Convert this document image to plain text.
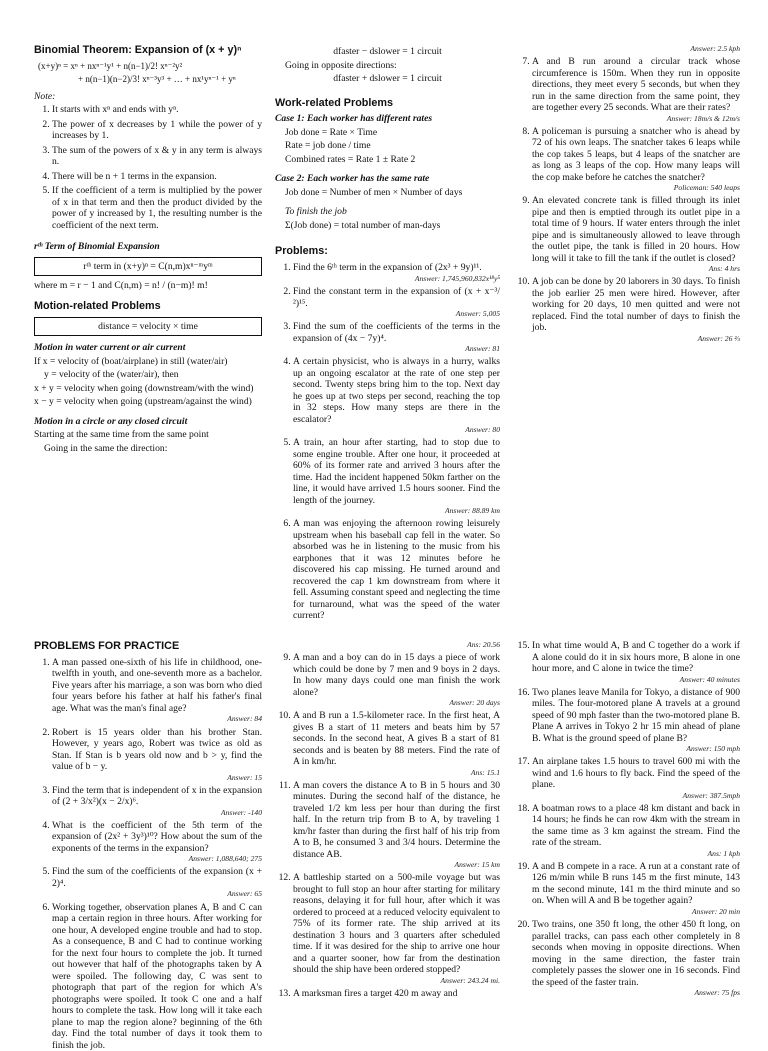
Binomial Theorem: Expansion of (x + y)ⁿ
(x+y)ⁿ = xⁿ + nxⁿ⁻¹y¹ + n(n−1)/2! xⁿ⁻²y²
+ n(n−1)(n−2)/3! xⁿ⁻³y³ + … + nx¹yⁿ⁻¹ + yⁿ
Note:
1. It starts with xⁿ and ends with yⁿ.
2. The power of x decreases by 1 while the power of y increases by 1.
3. The sum of the powers of x & y in any term is always n.
4. There will be n + 1 terms in the expansion.
5. If the coefficient of a term is multiplied by the power of x in that term and then the product divided by the power of y increased by 1, the resulting number is the coefficient of the next term.
rᵗʰ Term of Binomial Expansion
rᵗʰ term in (x+y)ⁿ = C(n,m)xⁿ⁻ᵐyᵐ

where m = r − 1 and C(n,m) = n! / (n−m)! m!

Motion-related Problems
distance = velocity × time
Motion in water current or air current

If x = velocity of (boat/airplane) in still (water/air)

y = velocity of the (water/air), then

x + y = velocity when going (downstream/with the wind)

x − y = velocity when going (upstream/against the wind)

Motion in a circle or any closed circuit

Starting at the same time from the same point

Going in the same the direction:

dfaster − dslower = 1 circuit

Going in opposite directions:

dfaster + dslower = 1 circuit

Work-related Problems
Case 1: Each worker has different rates

Job done = Rate × Time

Rate = job done / time

Combined rates = Rate 1 ± Rate 2

Case 2: Each worker has the same rate

Job done = Number of men × Number of days

To finish the job

Σ(Job done) = total number of man-days

Problems:
1. Find the 6ᵗʰ term in the expansion of (2x³ + 9y)¹¹.
Answer: 1,745,960,832x¹⁸y⁵
2. Find the constant term in the expansion of (x + x⁻³/²)¹⁵.
Answer: 5,005
3. Find the sum of the coefficients of the terms in the expansion of (4x − 7y)⁴.
Answer: 81
4. A certain physicist, who is always in a hurry, walks up an ongoing escalator at the rate of one step per second. Twenty steps bring him to the top. Next day he goes up at two steps per second, reaching the top in 32 steps. How many steps are there in the escalator?
Answer: 80
5. A train, an hour after starting, had to stop due to some engine trouble. After one hour, it proceeded at 60% of its former rate and arrived 3 hours after the time. Had the incident happened 50km farther on the line, it would have arrived 1.5 hours sooner. Find the length of the journey.
Answer: 88.89 km
6. A man was enjoying the afternoon rowing leisurely upstream when his baseball cap fell in the water. So absorbed was he in listening to the music from his earphones that it was 12 minutes before he discovered his cap missing. He turned around and recovered the cap 1 km downstream from where it fell. Assuming constant speed and neglecting the time for turnaround, what was the speed of the water current?
Answer: 2.5 kph
7. A and B run around a circular track whose circumference is 150m. When they run in opposite directions, they meet every 5 seconds, but when they run in the same direction from the same point, they are together every 25 seconds. What are their rates?
Answer: 18m/s & 12m/s
8. A policeman is pursuing a snatcher who is ahead by 72 of his own leaps. The snatcher takes 6 leaps while the cop takes 5 leaps, but 4 leaps of the snatcher are as long as 3 leaps of the cop. How many leaps will the cop make before he catches the snatcher?
Policeman: 540 leaps
9. An elevated concrete tank is filled through its inlet pipe and then is emptied through its outlet pipe in a total time of 9 hours. If water enters through the inlet pipe and is simultaneously allowed to leave through the outlet pipe, the tank is filled in 20 hours. How long will it take to fill the tank if the outlet is closed?
Ans: 4 hrs
10. A job can be done by 20 laborers in 30 days. To finish the job earlier 25 men were hired. However, after working for 20 days, 10 men quitted and were not replaced. Find the total number of days to finish the job.
Answer: 26 ⅔
PROBLEMS FOR PRACTICE
1. A man passed one-sixth of his life in childhood, one-twelfth in youth, and one-seventh more as a bachelor. Five years after his marriage, a son was born who died four years before his father at half his father's final age. What was the man's final age?
Answer: 84
2. Robert is 15 years older than his brother Stan. However, y years ago, Robert was twice as old as Stan. If Stan is b years old now and b > y, find the value of b − y.
Answer: 15
3. Find the term that is independent of x in the expansion of (2 + 3/x²)(x − 2/x)⁶.
Answer: -140
4. What is the coefficient of the 5th term of the expansion of (2x² + 3y³)¹⁰? How about the sum of the exponents of the terms in the expansion?
Answer: 1,088,640; 275
5. Find the sum of the coefficients of the expansion (x + 2)⁴.
Answer: 65
6. Working together, observation planes A, B and C can map a certain region in three hours. After working for one hour, A developed engine trouble and had to stop. As a consequence, B and C had to continue working for the next four hours to complete the job. It turned out however that half of the photographs taken by A were spoiled. The following day, C was sent to photograph that part of the region for which A's photographs were spoiled. It took C one and a half hours to complete the task. How long will it take each plane to map the region alone? beginning of the 6th day. Find the total number of days it took them to finish the job.
Ans: 20.56
9. A man and a boy can do in 15 days a piece of work which could be done by 7 men and 9 boys in 2 days. In how many days could one man finish the work alone?
Answer: 20 days
10. A and B run a 1.5-kilometer race. In the first heat, A gives B a start of 11 meters and beats him by 57 seconds. In the second heat, A gives B a start of 81 seconds and is beaten by 88 meters. Find the rate of A in km/hr.
Ans: 15.1
11. A man covers the distance A to B in 5 hours and 30 minutes. During the second half of the distance, he traveled 1/2 km less per hour than during the first half. In the return trip from B to A, by traveling 1 km/hr faster than during the first half of his trip from A to B, he consumed 3 and 3/4 hours. Determine the distance AB.
Answer: 15 km
12. A battleship started on a 500-mile voyage but was brought to full stop an hour after starting for military reasons, delaying it for full hour, after which it was ordered to proceed at a reduced velocity equivalent to 75% of its former rate. The ship arrived at its destination 3 hours and 3 quarters after scheduled time. If it was desired for the ship to arrive one hour and a quarter sooner, how far from the destination should the ship have been ordered stopped?
Answer: 243.24 mi.
13. A marksman fires a target 420 m away and
15. In what time would A, B and C together do a work if A alone could do it in six hours more, B alone in one hour more, and C alone in twice the time?
Answer: 40 minutes
16. Two planes leave Manila for Tokyo, a distance of 900 miles. The four-motored plane A travels at a ground speed of 90 mph faster than the two-motored plane B. Plane A arrives in Tokyo 2 hr 15 min ahead of plane B. What is the ground speed of plane B?
Answer: 150 mph
17. An airplane takes 1.5 hours to travel 600 mi with the wind and 1.6 hours to fly back. Find the speed of the plane.
Answer: 387.5mph
18. A boatman rows to a place 48 km distant and back in 14 hours; he finds he can row 4km with the stream in the same time as 3 km against the stream. Find the rate of the stream.
Ans: 1 kph
19. A and B compete in a race. A run at a constant rate of 126 m/min while B runs 145 m the first minute, 143 m the second minute, 141 m the third minute and so on. When will A and B be together again?
Answer: 20 min
20. Two trains, one 350 ft long, the other 450 ft long, on parallel tracks, can pass each other completely in 8 seconds when moving in opposite directions. When moving in the same direction, the faster train completely passes the slower one in 16 seconds. Find the speed of the faster train.
Answer: 75 fps
